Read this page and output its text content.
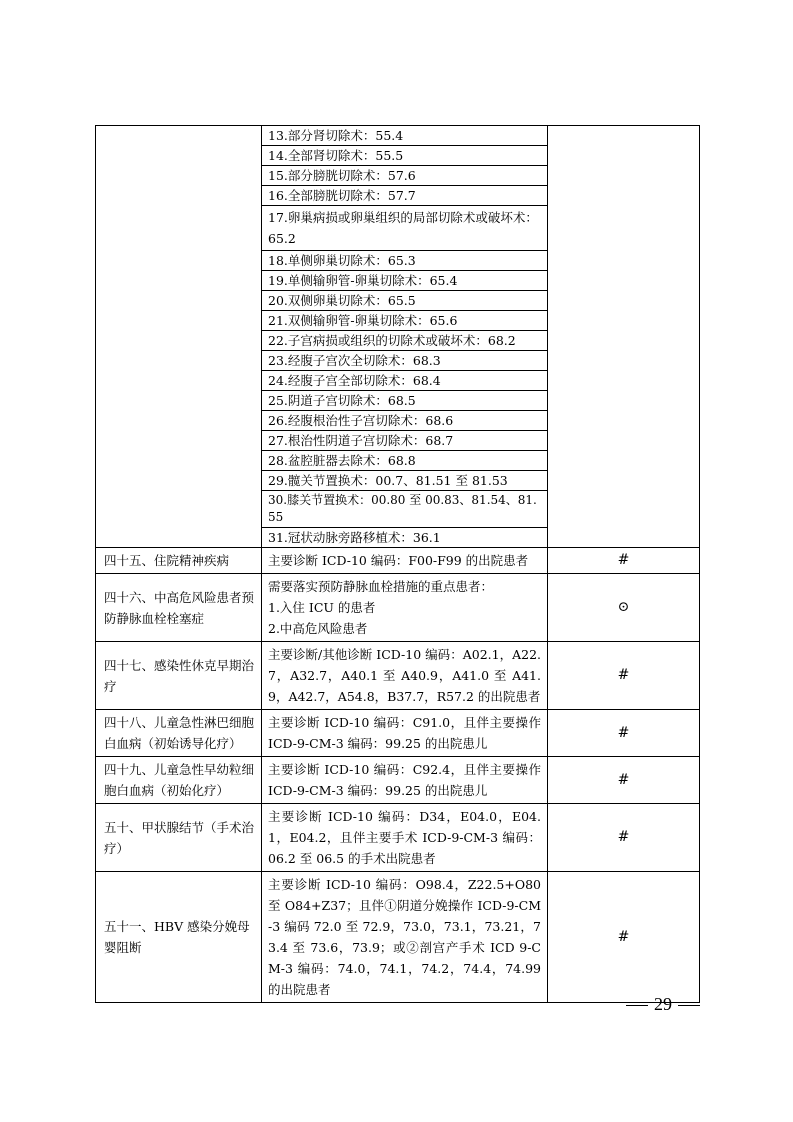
	13.部分肾切除术：55.4	
	14.全部肾切除术：55.5	
	15.部分膀胱切除术：57.6	
	16.全部膀胱切除术：57.7	
	17.卵巢病损或卵巢组织的局部切除术或破坏术：65.2	
	18.单侧卵巢切除术：65.3	
	19.单侧输卵管-卵巢切除术：65.4	
	20.双侧卵巢切除术：65.5	
	21.双侧输卵管-卵巢切除术：65.6	
	22.子宫病损或组织的切除术或破坏术：68.2	
	23.经腹子宫次全切除术：68.3	
	24.经腹子宫全部切除术：68.4	
	25.阴道子宫切除术：68.5	
	26.经腹根治性子宫切除术：68.6	
	27.根治性阴道子宫切除术：68.7	
	28.盆腔脏器去除术：68.8	
	29.髋关节置换术：00.7、81.51 至 81.53	
	30.膝关节置换术：00.80 至 00.83、81.54、81.55	
	31.冠状动脉旁路移植术：36.1	
四十五、住院精神疾病	主要诊断 ICD-10 编码：F00-F99 的出院患者	#
四十六、中高危风险患者预防静脉血栓栓塞症	需要落实预防静脉血栓措施的重点患者：
1.入住 ICU 的患者
2.中高危风险患者	⊙
四十七、感染性休克早期治疗	主要诊断/其他诊断 ICD-10 编码：A02.1，A22.7，A32.7，A40.1 至 A40.9，A41.0 至 A41.9，A42.7，A54.8，B37.7，R57.2 的出院患者	#
四十八、儿童急性淋巴细胞白血病（初始诱导化疗）	主要诊断 ICD-10 编码：C91.0，且伴主要操作 ICD-9-CM-3 编码：99.25 的出院患儿	#
四十九、儿童急性早幼粒细胞白血病（初始化疗）	主要诊断 ICD-10 编码：C92.4，且伴主要操作 ICD-9-CM-3 编码：99.25 的出院患儿	#
五十、甲状腺结节（手术治疗）	主要诊断 ICD-10 编码：D34，E04.0，E04.1，E04.2，且伴主要手术 ICD-9-CM-3 编码：06.2 至 06.5 的手术出院患者	#
五十一、HBV 感染分娩母婴阻断	主要诊断 ICD-10 编码：O98.4，Z22.5+O80 至 O84+Z37；且伴①阴道分娩操作 ICD-9-CM-3 编码 72.0 至 72.9，73.0，73.1，73.21，73.4 至 73.6，73.9；或②剖宫产手术 ICD 9-CM-3 编码：74.0，74.1，74.2，74.4，74.99 的出院患者	#
29
